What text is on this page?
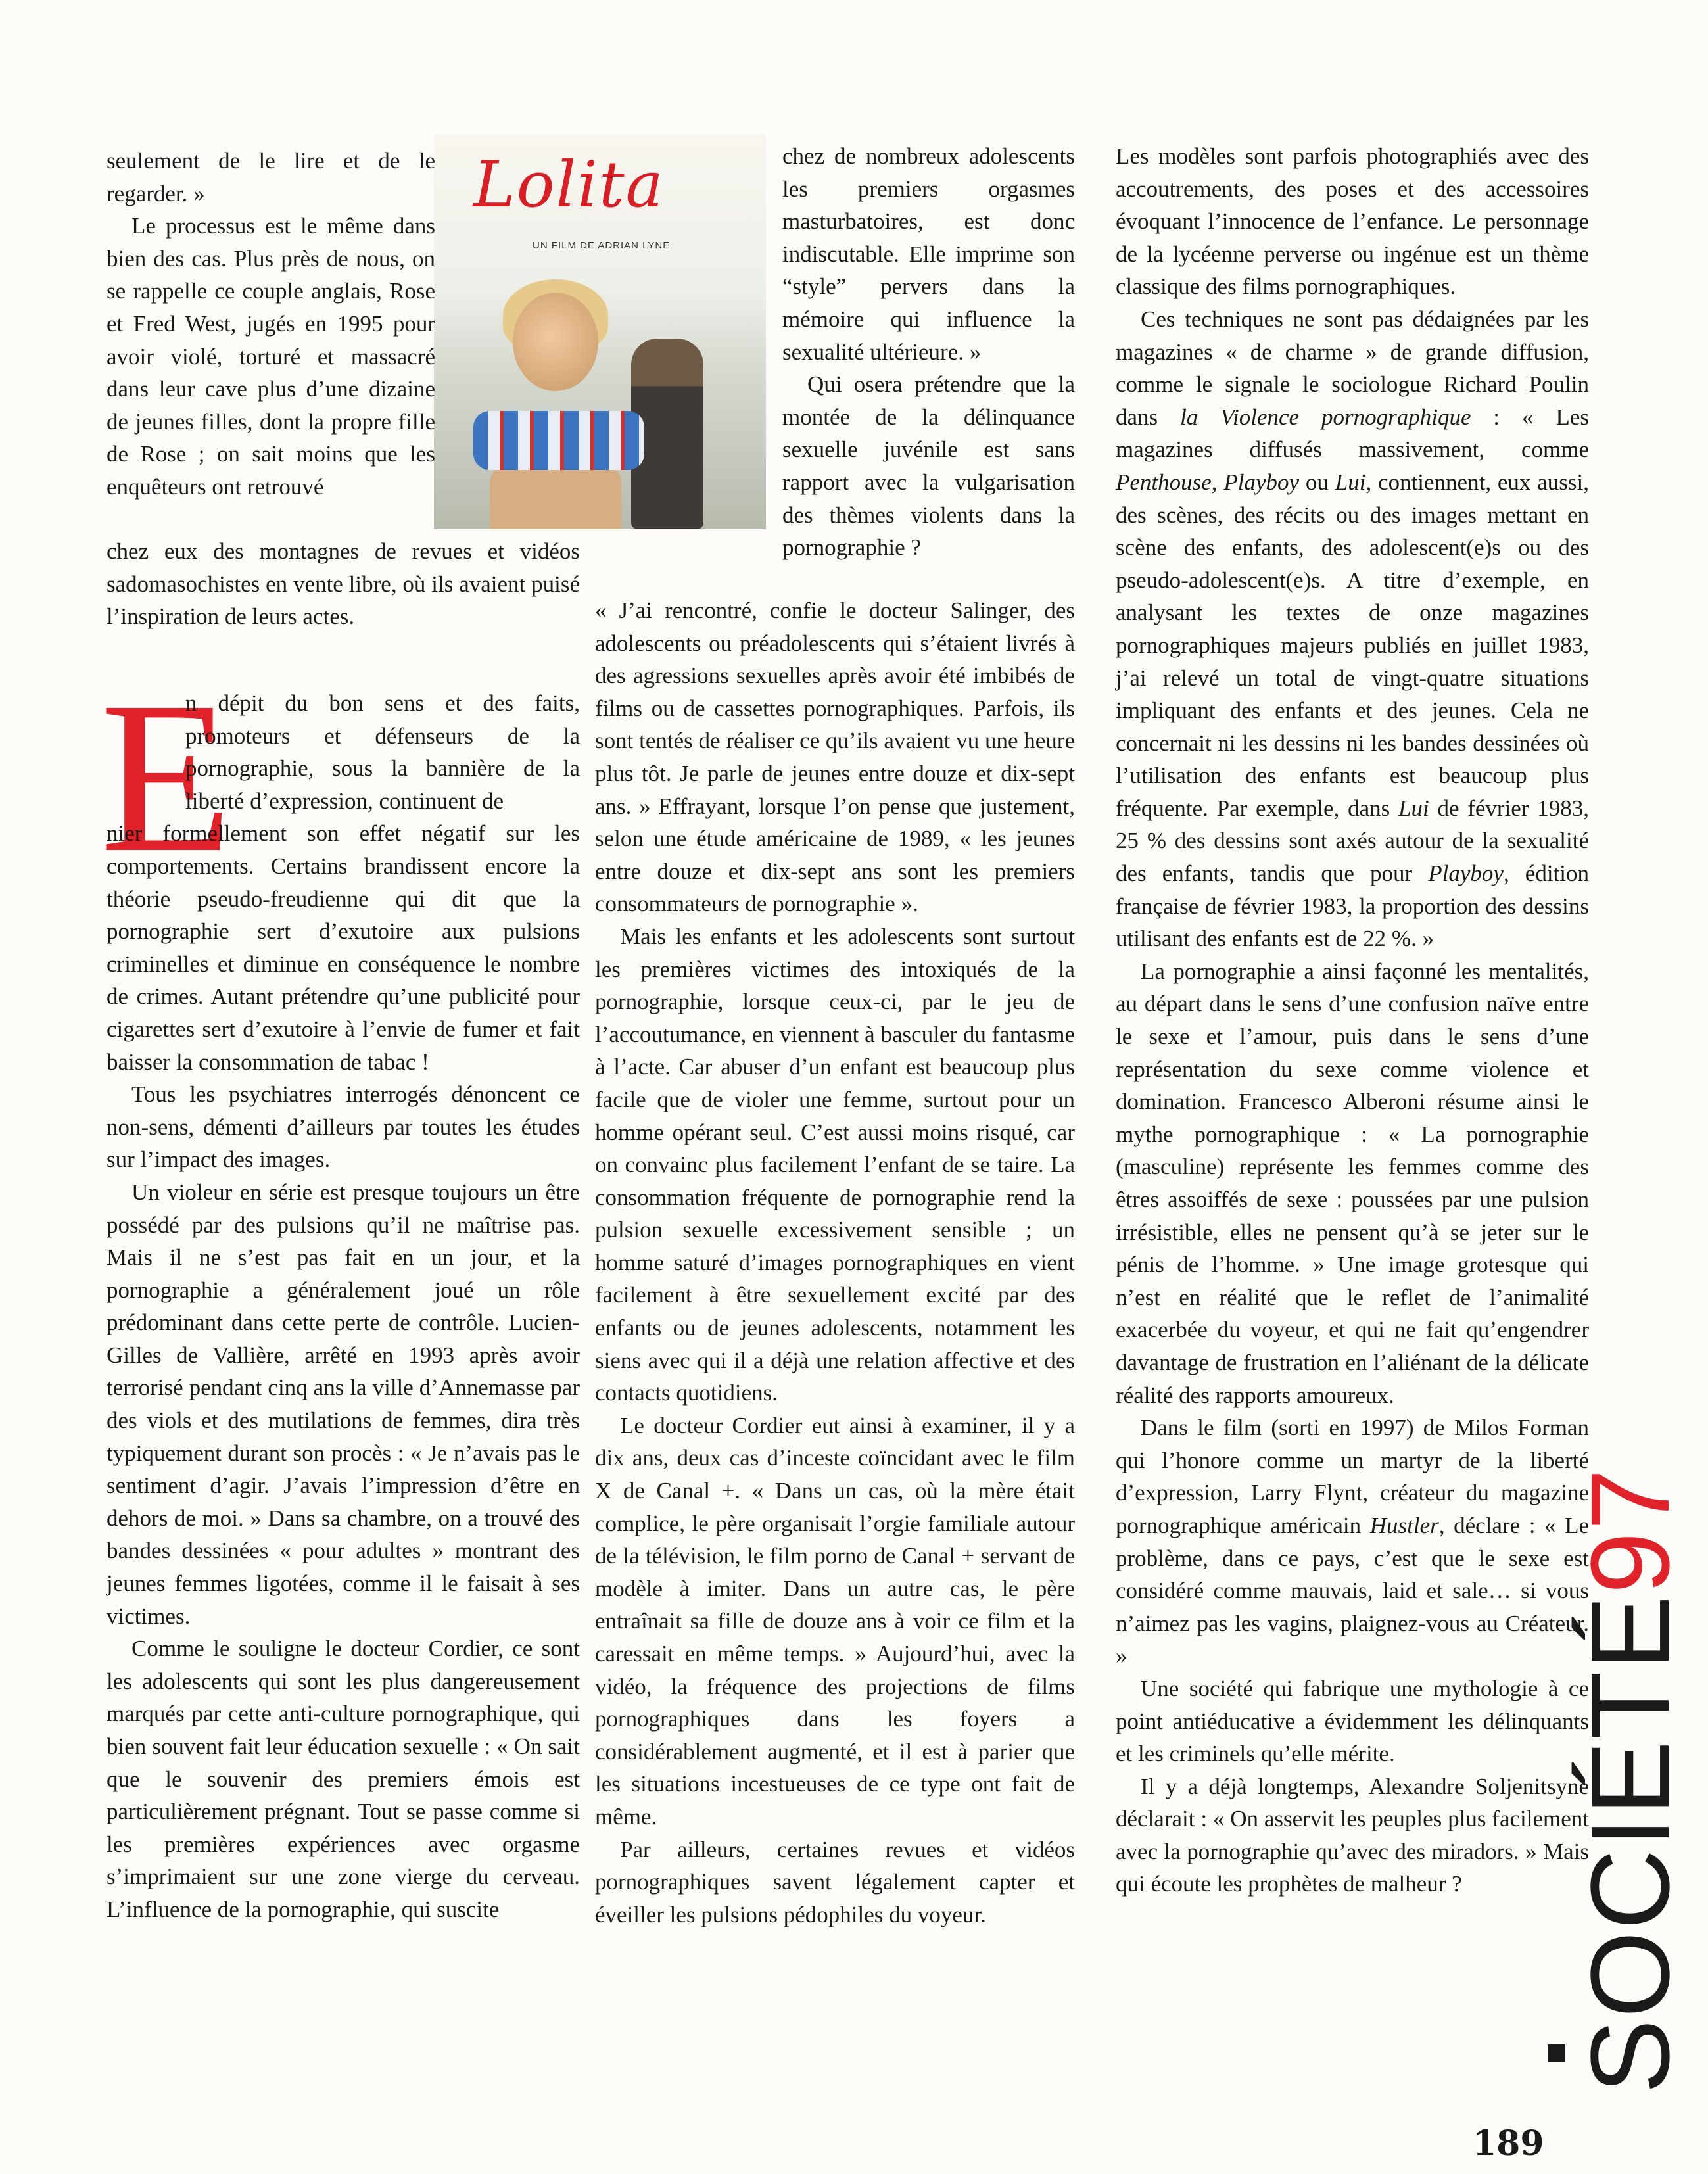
Lolita
UN FILM DE ADRIAN LYNE

seulement de le lire et de le regarder. »

Le processus est le même dans bien des cas. Plus près de nous, on se rappelle ce couple anglais, Rose et Fred West, jugés en 1995 pour avoir violé, torturé et massacré dans leur cave plus d’une dizaine de jeunes filles, dont la propre fille de Rose ; on sait moins que les enquêteurs ont retrouvé

chez eux des montagnes de revues et vidéos sadomasochistes en vente libre, où ils avaient puisé l’inspiration de leurs actes.

E

n dépit du bon sens et des faits, promoteurs et défenseurs de la pornographie, sous la bannière de la liberté d’expression, continuent de

nier formellement son effet négatif sur les comportements. Certains brandissent encore la théorie pseudo-freudienne qui dit que la pornographie sert d’exutoire aux pulsions criminelles et diminue en conséquence le nombre de crimes. Autant prétendre qu’une publicité pour cigarettes sert d’exutoire à l’envie de fumer et fait baisser la consommation de tabac !

Tous les psychiatres interrogés dénoncent ce non-sens, démenti d’ailleurs par toutes les études sur l’impact des images.

Un violeur en série est presque toujours un être possédé par des pulsions qu’il ne maîtrise pas. Mais il ne s’est pas fait en un jour, et la pornographie a généralement joué un rôle prédominant dans cette perte de contrôle. Lucien-Gilles de Vallière, arrêté en 1993 après avoir terrorisé pendant cinq ans la ville d’Annemasse par des viols et des mutilations de femmes, dira très typiquement durant son procès : « Je n’avais pas le sentiment d’agir. J’avais l’impression d’être en dehors de moi. » Dans sa chambre, on a trouvé des bandes dessinées « pour adultes » montrant des jeunes femmes ligotées, comme il le faisait à ses victimes.

Comme le souligne le docteur Cordier, ce sont les adolescents qui sont les plus dangereusement marqués par cette anti-culture pornographique, qui bien souvent fait leur éducation sexuelle : « On sait que le souvenir des premiers émois est particulièrement prégnant. Tout se passe comme si les premières expériences avec orgasme s’imprimaient sur une zone vierge du cerveau. L’influence de la pornographie, qui suscite

chez de nombreux adolescents les premiers orgasmes masturbatoires, est donc indiscutable. Elle imprime son “style” pervers dans la mémoire qui influence la sexualité ultérieure. »

Qui osera prétendre que la montée de la délinquance sexuelle juvénile est sans rapport avec la vulgarisation des thèmes violents dans la pornographie ?

« J’ai rencontré, confie le docteur Salinger, des adolescents ou préadolescents qui s’étaient livrés à des agressions sexuelles après avoir été imbibés de films ou de cassettes pornographiques. Parfois, ils sont tentés de réaliser ce qu’ils avaient vu une heure plus tôt. Je parle de jeunes entre douze et dix-sept ans. » Effrayant, lorsque l’on pense que justement, selon une étude américaine de 1989, « les jeunes entre douze et dix-sept ans sont les premiers consommateurs de pornographie ».

Mais les enfants et les adolescents sont surtout les premières victimes des intoxiqués de la pornographie, lorsque ceux-ci, par le jeu de l’accoutumance, en viennent à basculer du fantasme à l’acte. Car abuser d’un enfant est beaucoup plus facile que de violer une femme, surtout pour un homme opérant seul. C’est aussi moins risqué, car on convainc plus facilement l’enfant de se taire. La consommation fréquente de pornographie rend la pulsion sexuelle excessivement sensible ; un homme saturé d’images pornographiques en vient facilement à être sexuellement excité par des enfants ou de jeunes adolescents, notamment les siens avec qui il a déjà une relation affective et des contacts quotidiens.

Le docteur Cordier eut ainsi à examiner, il y a dix ans, deux cas d’inceste coïncidant avec le film X de Canal +. « Dans un cas, où la mère était complice, le père organisait l’orgie familiale autour de la télévision, le film porno de Canal + servant de modèle à imiter. Dans un autre cas, le père entraînait sa fille de douze ans à voir ce film et la caressait en même temps. » Aujourd’hui, avec la vidéo, la fréquence des projections de films pornographiques dans les foyers a considérablement augmenté, et il est à parier que les situations incestueuses de ce type ont fait de même.

Par ailleurs, certaines revues et vidéos pornographiques savent légalement capter et éveiller les pulsions pédophiles du voyeur.

Les modèles sont parfois photographiés avec des accoutrements, des poses et des accessoires évoquant l’innocence de l’enfance. Le personnage de la lycéenne perverse ou ingénue est un thème classique des films pornographiques.

Ces techniques ne sont pas dédaignées par les magazines « de charme » de grande diffusion, comme le signale le sociologue Richard Poulin dans la Violence pornographique : « Les magazines diffusés massivement, comme Penthouse, Playboy ou Lui, contiennent, eux aussi, des scènes, des récits ou des images mettant en scène des enfants, des adolescent(e)s ou des pseudo-adolescent(e)s. A titre d’exemple, en analysant les textes de onze magazines pornographiques majeurs publiés en juillet 1983, j’ai relevé un total de vingt-quatre situations impliquant des enfants et des jeunes. Cela ne concernait ni les dessins ni les bandes dessinées où l’utilisation des enfants est beaucoup plus fréquente. Par exemple, dans Lui de février 1983, 25 % des dessins sont axés autour de la sexualité des enfants, tandis que pour Playboy, édition française de février 1983, la proportion des dessins utilisant des enfants est de 22 %. »

La pornographie a ainsi façonné les mentalités, au départ dans le sens d’une confusion naïve entre le sexe et l’amour, puis dans le sens d’une représentation du sexe comme violence et domination. Francesco Alberoni résume ainsi le mythe pornographique : « La pornographie (masculine) représente les femmes comme des êtres assoiffés de sexe : poussées par une pulsion irrésistible, elles ne pensent qu’à se jeter sur le pénis de l’homme. » Une image grotesque qui n’est en réalité que le reflet de l’animalité exacerbée du voyeur, et qui ne fait qu’engendrer davantage de frustration en l’aliénant de la délicate réalité des rapports amoureux.

Dans le film (sorti en 1997) de Milos Forman qui l’honore comme un martyr de la liberté d’expression, Larry Flynt, créateur du magazine pornographique américain Hustler, déclare : « Le problème, dans ce pays, c’est que le sexe est considéré comme mauvais, laid et sale… si vous n’aimez pas les vagins, plaignez-vous au Créateur. »

Une société qui fabrique une mythologie à ce point antiéducative a évidemment les délinquants et les criminels qu’elle mérite.

Il y a déjà longtemps, Alexandre Soljenitsyne déclarait : « On asservit les peuples plus facilement avec la pornographie qu’avec des miradors. » Mais qui écoute les prophètes de malheur ? SOCIÉTÉ97
189
